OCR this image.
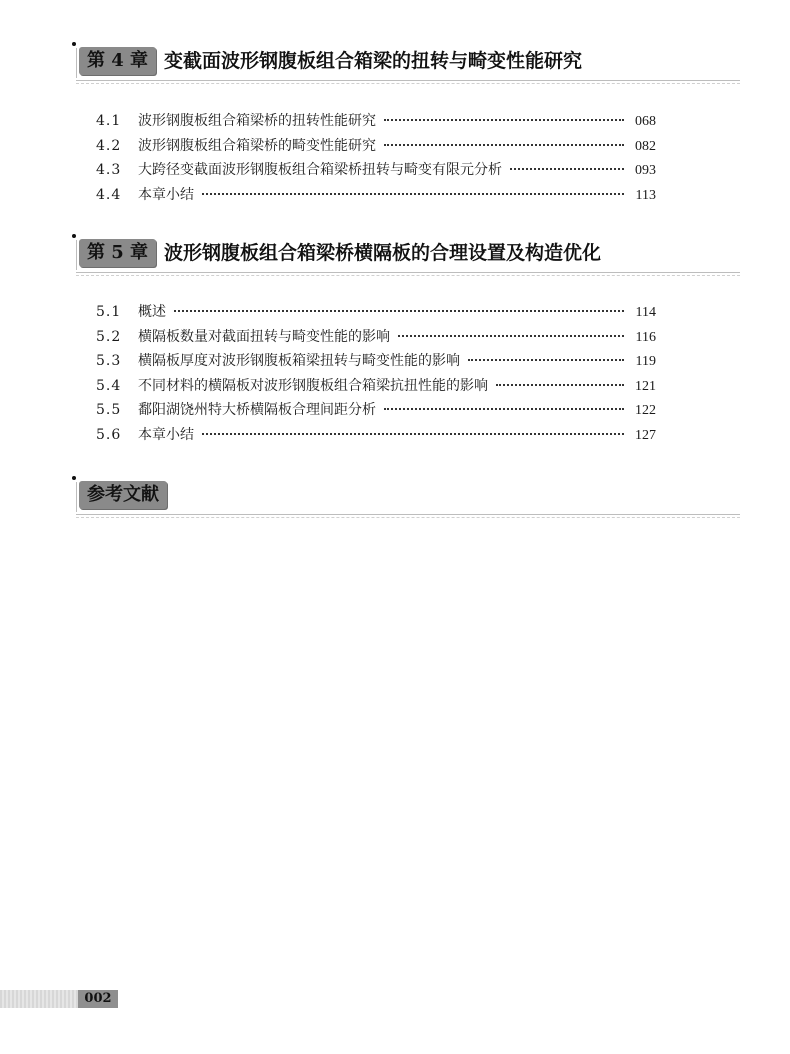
第 4 章 变截面波形钢腹板组合箱梁的扭转与畸变性能研究
4.1	波形钢腹板组合箱梁桥的扭转性能研究	068
4.2	波形钢腹板组合箱梁桥的畸变性能研究	082
4.3	大跨径变截面波形钢腹板组合箱梁桥扭转与畸变有限元分析	093
4.4	本章小结	113
第 5 章 波形钢腹板组合箱梁桥横隔板的合理设置及构造优化
5.1	概述	114
5.2	横隔板数量对截面扭转与畸变性能的影响	116
5.3	横隔板厚度对波形钢腹板箱梁扭转与畸变性能的影响	119
5.4	不同材料的横隔板对波形钢腹板组合箱梁抗扭性能的影响	121
5.5	鄱阳湖饶州特大桥横隔板合理间距分析	122
5.6	本章小结	127
参考文献
002
